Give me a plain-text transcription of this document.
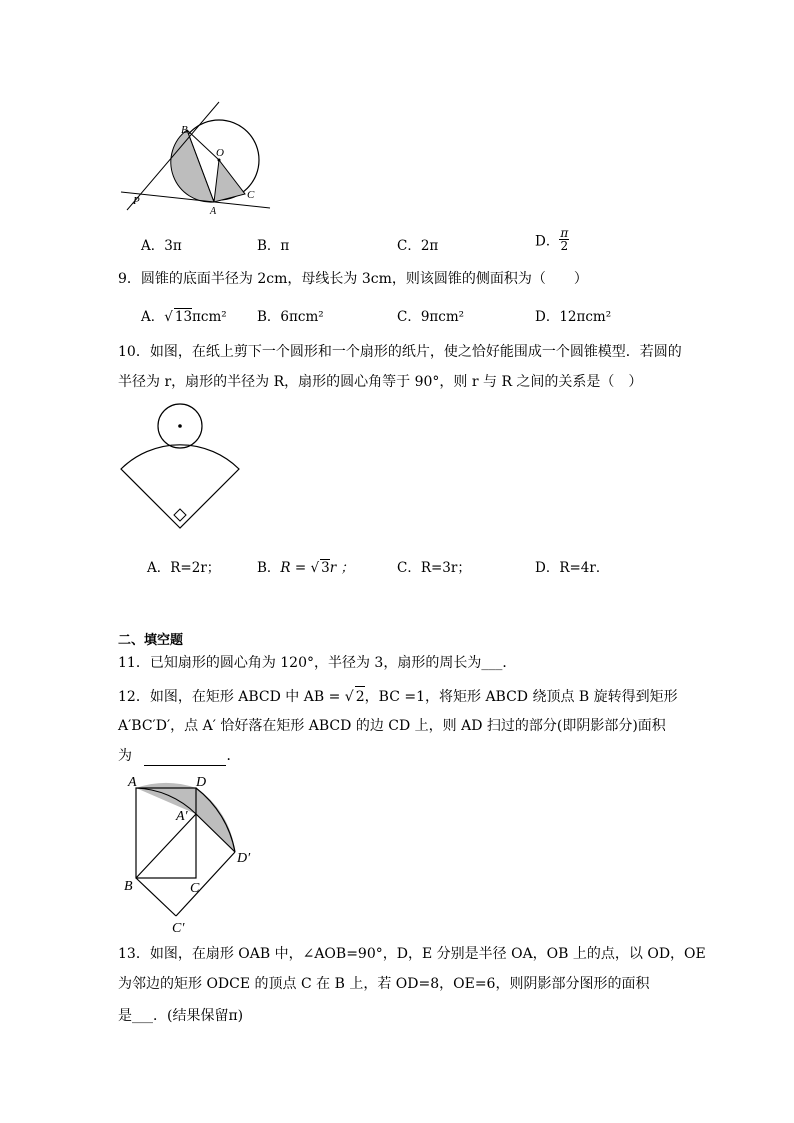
B
O
C
A
P
A．3π	B．π	C．2π	D． $\frac{\pi}{2}$
9．圆锥的底面半径为 2cm，母线长为 3cm，则该圆锥的侧面积为（　　）
A．√ 13πcm² B．6πcm²	C．9πcm²	D．12πcm²
10．如图，在纸上剪下一个圆形和一个扇形的纸片，使之恰好能围成一个圆锥模型．若圆的
半径为 r，扇形的半径为 R，扇形的圆心角等于 90°，则 r 与 R 之间的关系是（　）
A．R=2r；	B．R = √ 3r ；	C．R=3r；	D．R=4r．
二、填空题
11．已知扇形的圆心角为 120°，半径为 3，扇形的周长为___．
12．如图，在矩形 ABCD 中 AB = √ 2，BC =1，将矩形 ABCD 绕顶点 B 旋转得到矩形
A′BC′D′，点 A′ 恰好落在矩形 ABCD 的边 CD 上，则 AD 扫过的部分(即阴影部分)面积
为	．
A	D
A′
D′
B	C
C′
13．如图，在扇形 OAB 中，∠AOB=90°，D，E 分别是半径 OA，OB 上的点，以 OD，OE
为邻边的矩形 ODCE 的顶点 C 在 B 上，若 OD=8，OE=6，则阴影部分图形的面积
是___．(结果保留π)
